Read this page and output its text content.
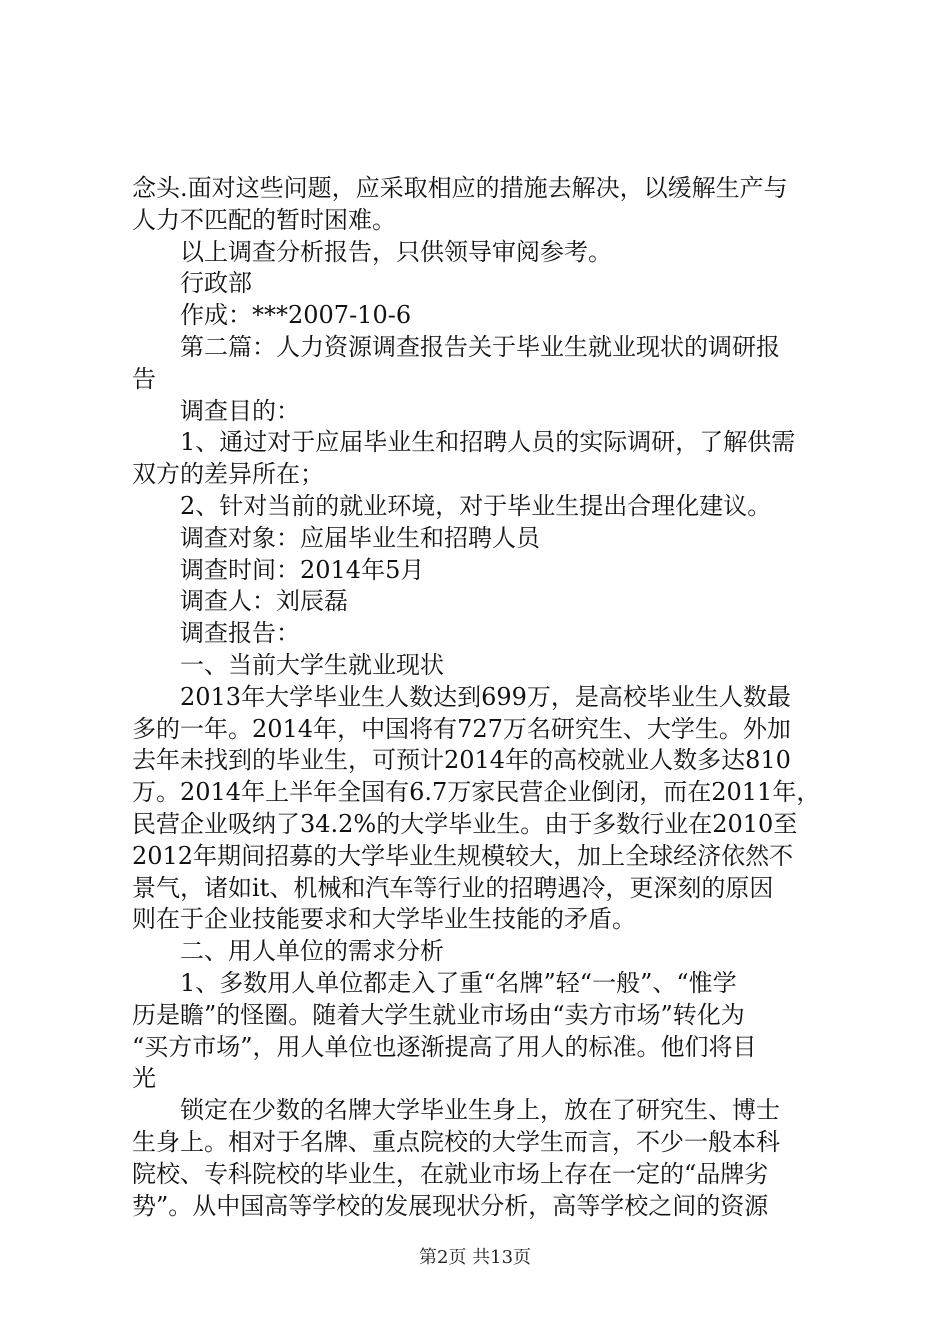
念头.面对这些问题，应采取相应的措施去解决，以缓解生产与
人力不匹配的暂时困难。
以上调查分析报告，只供领导审阅参考。
行政部
作成：***2007-10-6
第二篇：人力资源调查报告关于毕业生就业现状的调研报
告
调查目的：
1、通过对于应届毕业生和招聘人员的实际调研，了解供需
双方的差异所在；
2、针对当前的就业环境，对于毕业生提出合理化建议。
调查对象：应届毕业生和招聘人员
调查时间：2014年5月
调查人：刘辰磊
调查报告：
一、当前大学生就业现状
2013年大学毕业生人数达到699万，是高校毕业生人数最
多的一年。2014年，中国将有727万名研究生、大学生。外加
去年未找到的毕业生，可预计2014年的高校就业人数多达810
万。2014年上半年全国有6.7万家民营企业倒闭，而在2011年，
民营企业吸纳了34.2%的大学毕业生。由于多数行业在2010至
2012年期间招募的大学毕业生规模较大，加上全球经济依然不
景气，诸如it、机械和汽车等行业的招聘遇冷，更深刻的原因
则在于企业技能要求和大学毕业生技能的矛盾。
二、用人单位的需求分析
1、多数用人单位都走入了重“名牌”轻“一般”、“惟学
历是瞻”的怪圈。随着大学生就业市场由“卖方市场”转化为
“买方市场”，用人单位也逐渐提高了用人的标准。他们将目
光
锁定在少数的名牌大学毕业生身上，放在了研究生、博士
生身上。相对于名牌、重点院校的大学生而言，不少一般本科
院校、专科院校的毕业生，在就业市场上存在一定的“品牌劣
势”。从中国高等学校的发展现状分析，高等学校之间的资源
第2页 共13页
